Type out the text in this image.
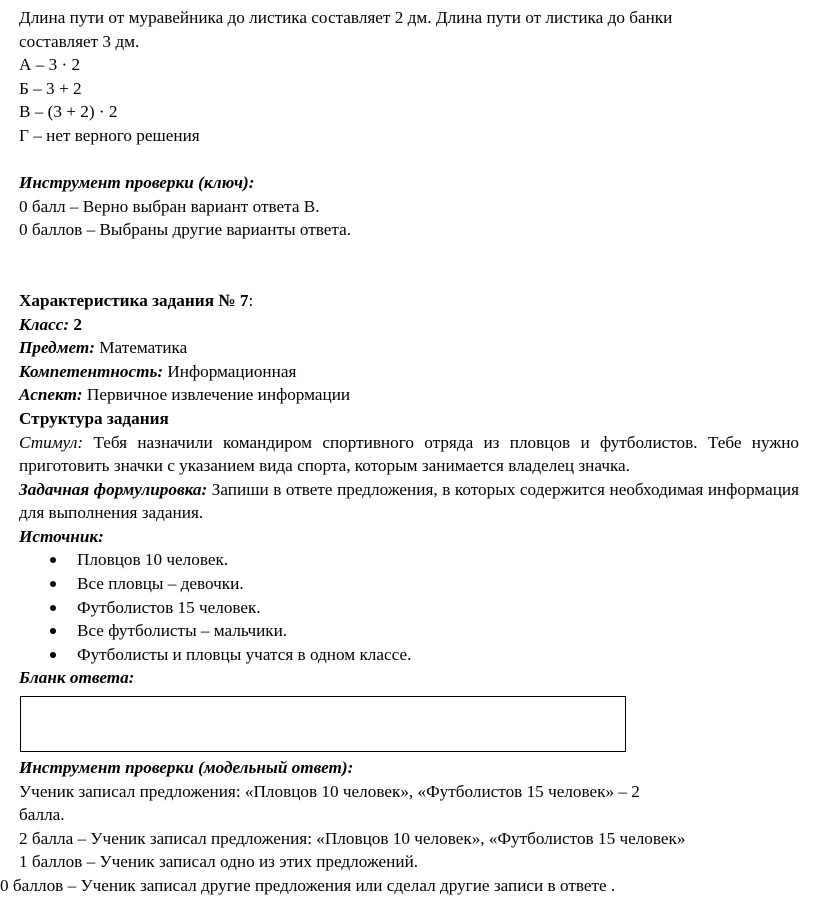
Длина пути от муравейника до листика составляет 2 дм. Длина пути от листика до банки

составляет 3 дм.

А – 3 · 2

Б – 3 + 2

В – (3 + 2) · 2

Г – нет верного решения

Инструмент проверки (ключ):

0 балл – Верно выбран вариант ответа В.

0 баллов – Выбраны другие варианты ответа.

Характеристика задания № 7:

Класс: 2

Предмет: Математика

Компетентность: Информационная

Аспект: Первичное извлечение информации

Структура задания

Стимул: Тебя назначили командиром спортивного отряда из пловцов и футболистов. Тебе нужно приготовить значки с указанием вида спорта, которым занимается владелец значка.

Задачная формулировка: Запиши в ответе предложения, в которых содержится необходимая информация для выполнения задания.

Источник:

Пловцов 10 человек.
Все пловцы – девочки.
Футболистов 15 человек.
Все футболисты – мальчики.
Футболисты и пловцы учатся в одном классе.

Бланк ответа:

Инструмент проверки (модельный ответ):

Ученик записал предложения: «Пловцов 10 человек», «Футболистов 15 человек» – 2

балла.

2 балла – Ученик записал предложения: «Пловцов 10 человек», «Футболистов 15 человек»

1 баллов – Ученик записал одно из этих предложений.

0 баллов – Ученик записал другие предложения или сделал другие записи в ответе .
